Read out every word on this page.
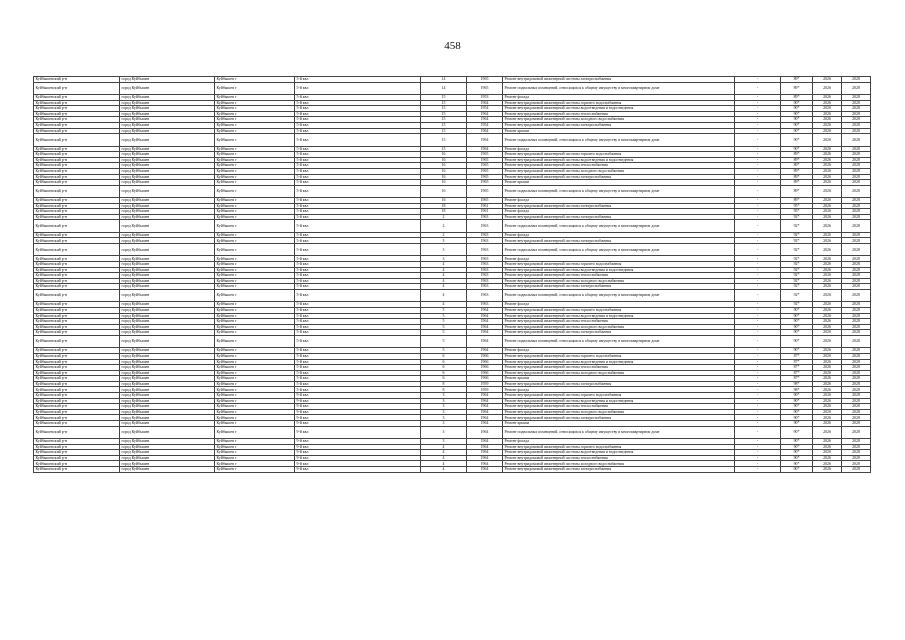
458
Куйбышевский р-н	город Куйбышев	Куйбышев г	5-й квл	14	1965	Ремонт внутридомовой инженерной системы электроснабжения	-	89*	2026	2028
Куйбышевский р-н	город Куйбышев	Куйбышев г	5-й квл	14	1965	Ремонт подвальных помещений, относящихся к общему имуществу в многоквартирном доме	-	89*	2026	2028
Куйбышевский р-н	город Куйбышев	Куйбышев г	5-й квл	15	1953	Ремонт фасада	-	89*	2026	2028
Куйбышевский р-н	город Куйбышев	Куйбышев г	5-й квл	15	1964	Ремонт внутридомовой инженерной системы горячего водоснабжения	-	90*	2026	2028
Куйбышевский р-н	город Куйбышев	Куйбышев г	5-й квл	15	1954	Ремонт внутридомовой инженерной системы водоотведения и водоотведения	-	90*	2026	2028
Куйбышевский р-н	город Куйбышев	Куйбышев г	5-й квл	15	1964	Ремонт внутридомовой инженерной системы теплоснабжения	-	90*	2026	2028
Куйбышевский р-н	город Куйбышев	Куйбышев г	5-й квл	15	1964	Ремонт внутридомовой инженерной системы холодного водоснабжения	-	90*	2026	2028
Куйбышевский р-н	город Куйбышев	Куйбышев г	5-й квл	15	1954	Ремонт внутридомовой инженерной системы электроснабжения	-	90*	2026	2028
Куйбышевский р-н	город Куйбышев	Куйбышев г	5-й квл	15	1964	Ремонт крыши	-	90*	2026	2028
Куйбышевский р-н	город Куйбышев	Куйбышев г	5-й квл	15	1964	Ремонт подвальных помещений, относящихся к общему имуществу в многоквартирном доме	-	90*	2026	2028
Куйбышевский р-н	город Куйбышев	Куйбышев г	5-й квл	15	1964	Ремонт фасада	-	90*	2026	2028
Куйбышевский р-н	город Куйбышев	Куйбышев г	5-й квл	16	1965	Ремонт внутридомовой инженерной системы горячего водоснабжения	-	89*	2026	2028
Куйбышевский р-н	город Куйбышев	Куйбышев г	5-й квл	16	1965	Ремонт внутридомовой инженерной системы водоотведения и водоотведения	-	89*	2026	2028
Куйбышевский р-н	город Куйбышев	Куйбышев г	5-й квл	16	1965	Ремонт внутридомовой инженерной системы теплоснабжения	-	89*	2026	2028
Куйбышевский р-н	город Куйбышев	Куйбышев г	5-й квл	16	1965	Ремонт внутридомовой инженерной системы холодного водоснабжения	-	89*	2026	2028
Куйбышевский р-н	город Куйбышев	Куйбышев г	5-й квл	16	1965	Ремонт внутридомовой инженерной системы электроснабжения	-	89*	2026	2028
Куйбышевский р-н	город Куйбышев	Куйбышев г	5-й квл	16	1965	Ремонт крыши	-	89*	2026	2028
Куйбышевский р-н	город Куйбышев	Куйбышев г	5-й квл	16	1965	Ремонт подвальных помещений, относящихся к общему имуществу в многоквартирном доме	-	89*	2026	2028
Куйбышевский р-н	город Куйбышев	Куйбышев г	5-й квл	16	1965	Ремонт фасада	-	89*	2026	2028
Куйбышевский р-н	город Куйбышев	Куйбышев г	5-й квл	18	1961	Ремонт внутридомовой инженерной системы электроснабжения	-	95*	2026	2028
Куйбышевский р-н	город Куйбышев	Куйбышев г	5-й квл	18	1961	Ремонт фасада	-	95*	2026	2028
Куйбышевский р-н	город Куйбышев	Куйбышев г	5-й квл	2	1963	Ремонт внутридомовой инженерной системы электроснабжения	-	92*	2026	2028
Куйбышевский р-н	город Куйбышев	Куйбышев г	5-й квл	2	1963	Ремонт подвальных помещений, относящихся к общему имуществу в многоквартирном доме	-	92*	2026	2028
Куйбышевский р-н	город Куйбышев	Куйбышев г	5-й квл	2	1963	Ремонт фасада	-	92*	2026	2028
Куйбышевский р-н	город Куйбышев	Куйбышев г	5-й квл	3	1963	Ремонт внутридомовой инженерной системы электроснабжения	-	92*	2026	2028
Куйбышевский р-н	город Куйбышев	Куйбышев г	5-й квл	3	1963	Ремонт подвальных помещений, относящихся к общему имуществу в многоквартирном доме	-	92*	2026	2028
Куйбышевский р-н	город Куйбышев	Куйбышев г	5-й квл	3	1963	Ремонт фасада	-	92*	2026	2028
Куйбышевский р-н	город Куйбышев	Куйбышев г	5-й квл	4	1963	Ремонт внутридомовой инженерной системы горячего водоснабжения	-	92*	2026	2028
Куйбышевский р-н	город Куйбышев	Куйбышев г	5-й квл	4	1963	Ремонт внутридомовой инженерной системы водоотведения и водоотведения	-	92*	2026	2028
Куйбышевский р-н	город Куйбышев	Куйбышев г	5-й квл	4	1963	Ремонт внутридомовой инженерной системы теплоснабжения	-	92*	2026	2028
Куйбышевский р-н	город Куйбышев	Куйбышев г	5-й квл	4	1963	Ремонт внутридомовой инженерной системы холодного водоснабжения	-	92*	2026	2028
Куйбышевский р-н	город Куйбышев	Куйбышев г	5-й квл	4	1963	Ремонт внутридомовой инженерной системы электроснабжения	-	92*	2026	2028
Куйбышевский р-н	город Куйбышев	Куйбышев г	5-й квл	4	1963	Ремонт подвальных помещений, относящихся к общему имуществу в многоквартирном доме	-	92*	2026	2028
Куйбышевский р-н	город Куйбышев	Куйбышев г	5-й квл	4	1963	Ремонт фасада	-	92*	2026	2028
Куйбышевский р-н	город Куйбышев	Куйбышев г	5-й квл	5	1964	Ремонт внутридомовой инженерной системы горячего водоснабжения	-	90*	2026	2028
Куйбышевский р-н	город Куйбышев	Куйбышев г	5-й квл	5	1964	Ремонт внутридомовой инженерной системы водоотведения и водоотведения	-	90*	2026	2028
Куйбышевский р-н	город Куйбышев	Куйбышев г	5-й квл	5	1964	Ремонт внутридомовой инженерной системы теплоснабжения	-	90*	2026	2028
Куйбышевский р-н	город Куйбышев	Куйбышев г	5-й квл	5	1964	Ремонт внутридомовой инженерной системы холодного водоснабжения	-	90*	2026	2028
Куйбышевский р-н	город Куйбышев	Куйбышев г	5-й квл	5	1964	Ремонт внутридомовой инженерной системы электроснабжения	-	90*	2026	2028
Куйбышевский р-н	город Куйбышев	Куйбышев г	5-й квл	5	1964	Ремонт подвальных помещений, относящихся к общему имуществу в многоквартирном доме	-	90*	2026	2028
Куйбышевский р-н	город Куйбышев	Куйбышев г	5-й квл	5	1964	Ремонт фасада	-	90*	2026	2028
Куйбышевский р-н	город Куйбышев	Куйбышев г	5-й квл	6	1966	Ремонт внутридомовой инженерной системы горячего водоснабжения	-	87*	2026	2028
Куйбышевский р-н	город Куйбышев	Куйбышев г	5-й квл	6	1966	Ремонт внутридомовой инженерной системы водоотведения и водоотведения	-	87*	2026	2028
Куйбышевский р-н	город Куйбышев	Куйбышев г	5-й квл	6	1966	Ремонт внутридомовой инженерной системы теплоснабжения	-	87*	2026	2028
Куйбышевский р-н	город Куйбышев	Куйбышев г	5-й квл	6	1966	Ремонт внутридомовой инженерной системы холодного водоснабжения	-	87*	2026	2028
Куйбышевский р-н	город Куйбышев	Куйбышев г	5-й квл	6	1966	Ремонт крыши	-	87*	2026	2028
Куйбышевский р-н	город Куйбышев	Куйбышев г	5-й квл	8	1959	Ремонт внутридомовой инженерной системы электроснабжения	-	98*	2026	2028
Куйбышевский р-н	город Куйбышев	Куйбышев г	5-й квл	8	1959	Ремонт фасада	-	98*	2026	2028
Куйбышевский р-н	город Куйбышев	Куйбышев г	9-й квл	3	1964	Ремонт внутридомовой инженерной системы горячего водоснабжения	-	90*	2026	2028
Куйбышевский р-н	город Куйбышев	Куйбышев г	9-й квл	3	1964	Ремонт внутридомовой инженерной системы водоотведения и водоотведения	-	90*	2026	2028
Куйбышевский р-н	город Куйбышев	Куйбышев г	9-й квл	3	1964	Ремонт внутридомовой инженерной системы теплоснабжения	-	90*	2026	2028
Куйбышевский р-н	город Куйбышев	Куйбышев г	9-й квл	3	1964	Ремонт внутридомовой инженерной системы холодного водоснабжения	-	90*	2026	2028
Куйбышевский р-н	город Куйбышев	Куйбышев г	9-й квл	3	1964	Ремонт внутридомовой инженерной системы электроснабжения	-	90*	2026	2028
Куйбышевский р-н	город Куйбышев	Куйбышев г	9-й квл	3	1964	Ремонт крыши	-	90*	2026	2028
Куйбышевский р-н	город Куйбышев	Куйбышев г	9-й квл	3	1964	Ремонт подвальных помещений, относящихся к общему имуществу в многоквартирном доме	-	90*	2026	2028
Куйбышевский р-н	город Куйбышев	Куйбышев г	9-й квл	3	1964	Ремонт фасада	-	90*	2026	2028
Куйбышевский р-н	город Куйбышев	Куйбышев г	9-й квл	4	1964	Ремонт внутридомовой инженерной системы горячего водоснабжения	-	90*	2026	2028
Куйбышевский р-н	город Куйбышев	Куйбышев г	9-й квл	4	1964	Ремонт внутридомовой инженерной системы водоотведения и водоотведения	-	90*	2026	2028
Куйбышевский р-н	город Куйбышев	Куйбышев г	9-й квл	4	1964	Ремонт внутридомовой инженерной системы теплоснабжения	-	90*	2026	2028
Куйбышевский р-н	город Куйбышев	Куйбышев г	9-й квл	4	1964	Ремонт внутридомовой инженерной системы холодного водоснабжения	-	90*	2026	2028
Куйбышевский р-н	город Куйбышев	Куйбышев г	9-й квл	4	1964	Ремонт внутридомовой инженерной системы электроснабжения	-	90*	2026	2028
